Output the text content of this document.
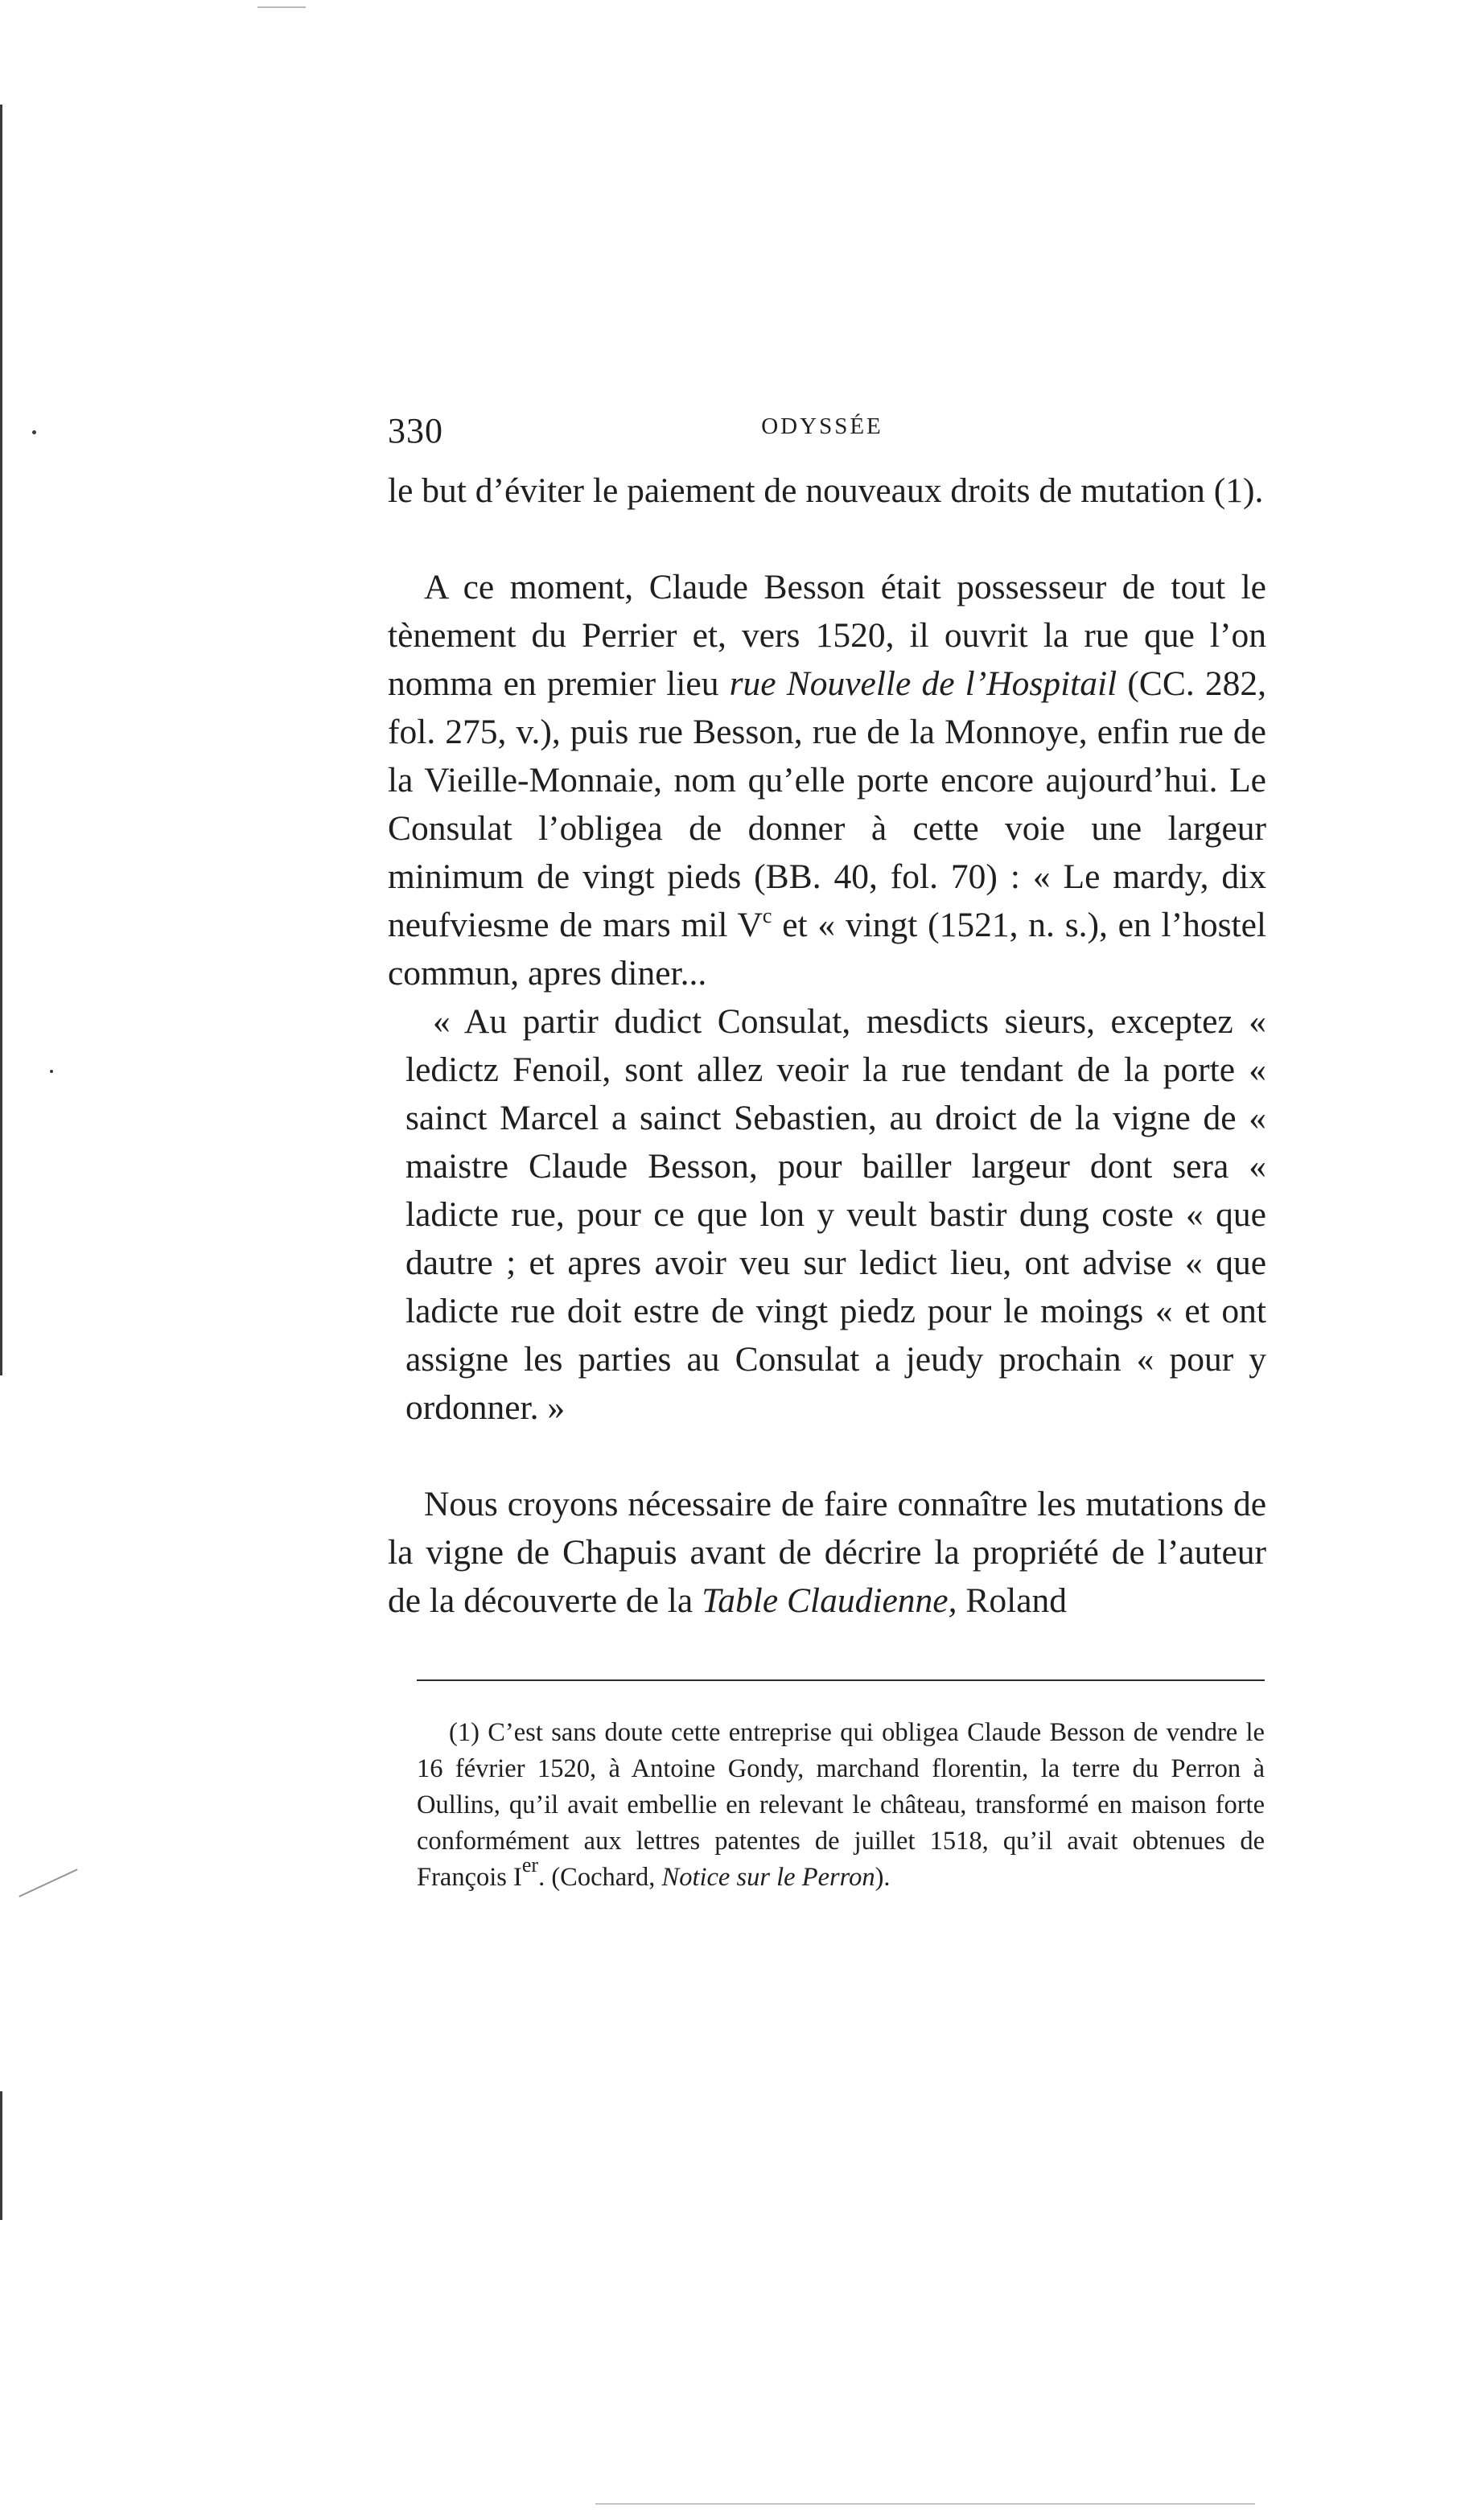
330	ODYSSÉE

le but d’éviter le paiement de nouveaux droits de mutation (1).

A ce moment, Claude Besson était possesseur de tout le tènement du Perrier et, vers 1520, il ouvrit la rue que l’on nomma en premier lieu rue Nouvelle de l’Hospitail (CC. 282, fol. 275, v.), puis rue Besson, rue de la Monnoye, enfin rue de la Vieille-Monnaie, nom qu’elle porte encore aujourd’hui. Le Consulat l’obligea de donner à cette voie une largeur minimum de vingt pieds (BB. 40, fol. 70) : « Le mardy, dix neufviesme de mars mil $V^c$ et « vingt (1521, n. s.), en l’hostel commun, apres diner...

« Au partir dudict Consulat, mesdicts sieurs, exceptez « ledictz Fenoil, sont allez veoir la rue tendant de la porte « sainct Marcel a sainct Sebastien, au droict de la vigne de « maistre Claude Besson, pour bailler largeur dont sera « ladicte rue, pour ce que lon y veult bastir dung coste « que dautre ; et apres avoir veu sur ledict lieu, ont advise « que ladicte rue doit estre de vingt piedz pour le moings « et ont assigne les parties au Consulat a jeudy prochain « pour y ordonner. »

Nous croyons nécessaire de faire connaître les mutations de la vigne de Chapuis avant de décrire la propriété de l’auteur de la découverte de la Table Claudienne, Roland

(1) C’est sans doute cette entreprise qui obligea Claude Besson de vendre le 16 février 1520, à Antoine Gondy, marchand florentin, la terre du Perron à Oullins, qu’il avait embellie en relevant le château, transformé en maison forte conformément aux lettres patentes de juillet 1518, qu’il avait obtenues de François Ier. (Cochard, Notice sur le Perron).
